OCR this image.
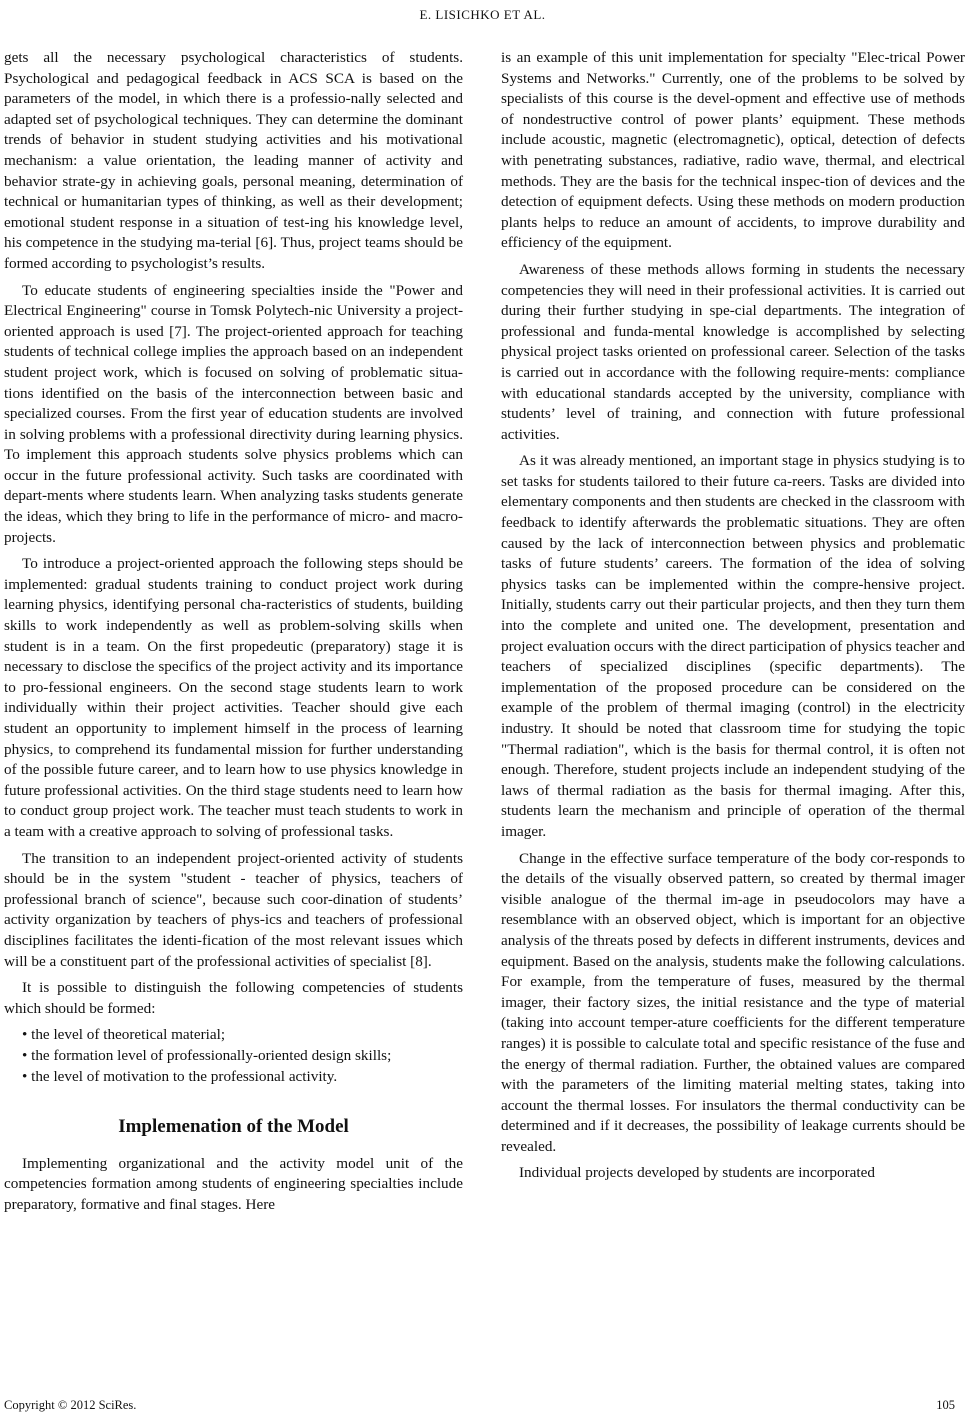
E. LISICHKO ET AL.

gets all the necessary psychological characteristics of students. Psychological and pedagogical feedback in ACS SCA is based on the parameters of the model, in which there is a professio-nally selected and adapted set of psychological techniques. They can determine the dominant trends of behavior in student studying activities and his motivational mechanism: a value orientation, the leading manner of activity and behavior strate-gy in achieving goals, personal meaning, determination of technical or humanitarian types of thinking, as well as their development; emotional student response in a situation of test-ing his knowledge level, his competence in the studying ma-terial [6]. Thus, project teams should be formed according to psychologist’s results.

To educate students of engineering specialties inside the "Power and Electrical Engineering" course in Tomsk Polytech-nic University a project-oriented approach is used [7]. The project-oriented approach for teaching students of technical college implies the approach based on an independent student project work, which is focused on solving of problematic situa-tions identified on the basis of the interconnection between basic and specialized courses. From the first year of education students are involved in solving problems with a professional directivity during learning physics. To implement this approach students solve physics problems which can occur in the future professional activity. Such tasks are coordinated with depart-ments where students learn. When analyzing tasks students generate the ideas, which they bring to life in the performance of micro- and macro-projects.

To introduce a project-oriented approach the following steps should be implemented: gradual students training to conduct project work during learning physics, identifying personal cha-racteristics of students, building skills to work independently as well as problem-solving skills when student is in a team. On the first propedeutic (preparatory) stage it is necessary to disclose the specifics of the project activity and its importance to pro-fessional engineers. On the second stage students learn to work individually within their project activities. Teacher should give each student an opportunity to implement himself in the process of learning physics, to comprehend its fundamental mission for further understanding of the possible future career, and to learn how to use physics knowledge in future professional activities. On the third stage students need to learn how to conduct group project work. The teacher must teach students to work in a team with a creative approach to solving of professional tasks.

The transition to an independent project-oriented activity of students should be in the system "student - teacher of physics, teachers of professional branch of science", because such coor-dination of students’ activity organization by teachers of phys-ics and teachers of professional disciplines facilitates the identi-fication of the most relevant issues which will be a constituent part of the professional activities of specialist [8].

It is possible to distinguish the following competencies of students which should be formed:

• the level of theoretical material;

• the formation level of professionally-oriented design skills;

• the level of motivation to the professional activity.

Implemenation of the Model

Implementing organizational and the activity model unit of the competencies formation among students of engineering specialties include preparatory, formative and final stages. Here

is an example of this unit implementation for specialty "Elec-trical Power Systems and Networks." Currently, one of the problems to be solved by specialists of this course is the devel-opment and effective use of methods of nondestructive control of power plants’ equipment. These methods include acoustic, magnetic (electromagnetic), optical, detection of defects with penetrating substances, radiative, radio wave, thermal, and electrical methods. They are the basis for the technical inspec-tion of devices and the detection of equipment defects. Using these methods on modern production plants helps to reduce an amount of accidents, to improve durability and efficiency of the equipment.

Awareness of these methods allows forming in students the necessary competencies they will need in their professional activities. It is carried out during their further studying in spe-cial departments. The integration of professional and funda-mental knowledge is accomplished by selecting physical project tasks oriented on professional career. Selection of the tasks is carried out in accordance with the following require-ments: compliance with educational standards accepted by the university, compliance with students’ level of training, and connection with future professional activities.

As it was already mentioned, an important stage in physics studying is to set tasks for students tailored to their future ca-reers. Tasks are divided into elementary components and then students are checked in the classroom with feedback to identify afterwards the problematic situations. They are often caused by the lack of interconnection between physics and problematic tasks of future students’ careers. The formation of the idea of solving physics tasks can be implemented within the compre-hensive project. Initially, students carry out their particular projects, and then they turn them into the complete and united one. The development, presentation and project evaluation occurs with the direct participation of physics teacher and teachers of specialized disciplines (specific departments). The implementation of the proposed procedure can be considered on the example of the problem of thermal imaging (control) in the electricity industry. It should be noted that classroom time for studying the topic "Thermal radiation", which is the basis for thermal control, it is often not enough. Therefore, student projects include an independent studying of the laws of thermal radiation as the basis for thermal imaging. After this, students learn the mechanism and principle of operation of the thermal imager.

Change in the effective surface temperature of the body cor-responds to the details of the visually observed pattern, so created by thermal imager visible analogue of the thermal im-age in pseudocolors may have a resemblance with an observed object, which is important for an objective analysis of the threats posed by defects in different instruments, devices and equipment. Based on the analysis, students make the following calculations. For example, from the temperature of fuses, measured by the thermal imager, their factory sizes, the initial resistance and the type of material (taking into account temper-ature coefficients for the different temperature ranges) it is possible to calculate total and specific resistance of the fuse and the energy of thermal radiation. Further, the obtained values are compared with the parameters of the limiting material melting states, taking into account the thermal losses. For insulators the thermal conductivity can be determined and if it decreases, the possibility of leakage currents should be revealed.

Individual projects developed by students are incorporated

Copyright © 2012 SciRes.	105
